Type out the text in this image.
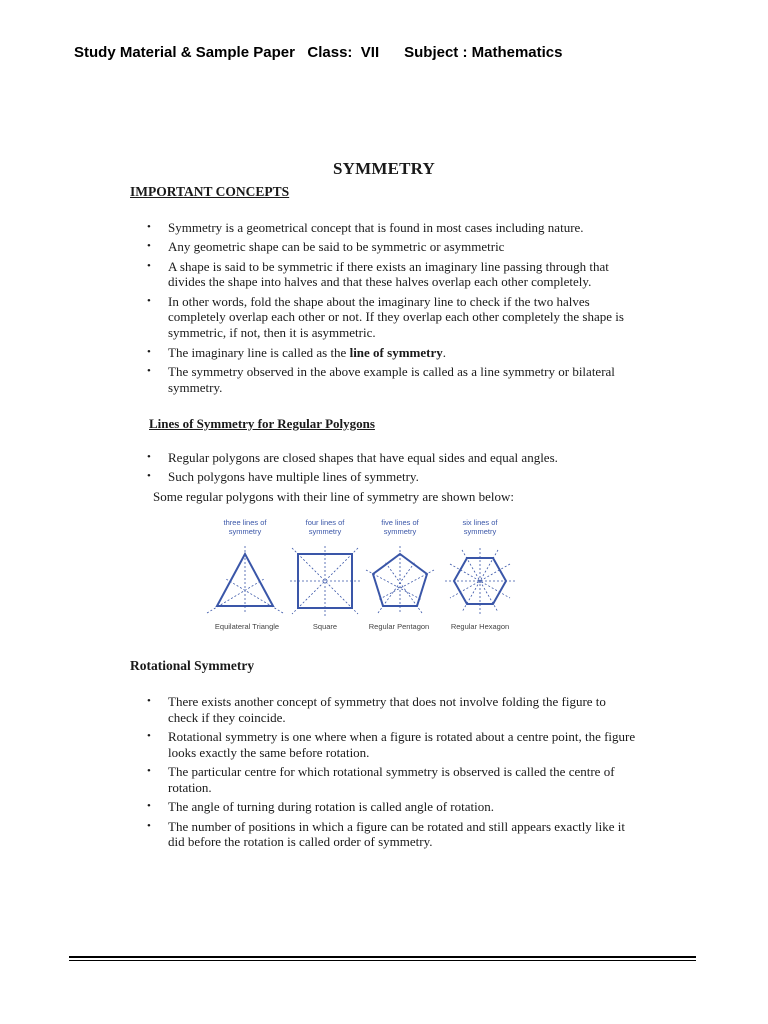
Study Material & Sample Paper   Class:  VII      Subject : Mathematics
SYMMETRY
IMPORTANT CONCEPTS
• Symmetry is a geometrical concept that is found in most cases including nature.
• Any geometric shape can be said to be symmetric or asymmetric
• A shape is said to be symmetric if there exists an imaginary line passing through that divides the shape into halves and that these halves overlap each other completely.
• In other words, fold the shape about the imaginary line to check if the two halves completely overlap each other or not. If they overlap each other completely the shape is symmetric, if not, then it is asymmetric.
• The imaginary line is called as the line of symmetry.
• The symmetry observed in the above example is called as a line symmetry or bilateral symmetry.
Lines of Symmetry for Regular Polygons
• Regular polygons are closed shapes that have equal sides and equal angles.
• Such polygons have multiple lines of symmetry.
Some regular polygons with their line of symmetry are shown below:
three lines of
symmetry
four lines of
symmetry
five lines of
symmetry
six lines of
symmetry
Equilateral Triangle	Square	Regular Pentagon	Regular Hexagon
Rotational Symmetry
• There exists another concept of symmetry that does not involve folding the figure to check if they coincide.
• Rotational symmetry is one where when a figure is rotated about a centre point, the figure looks exactly the same before rotation.
• The particular centre for which rotational symmetry is observed is called the centre of rotation.
• The angle of turning during rotation is called angle of rotation.
• The number of positions in which a figure can be rotated and still appears exactly like it did before the rotation is called order of symmetry.
